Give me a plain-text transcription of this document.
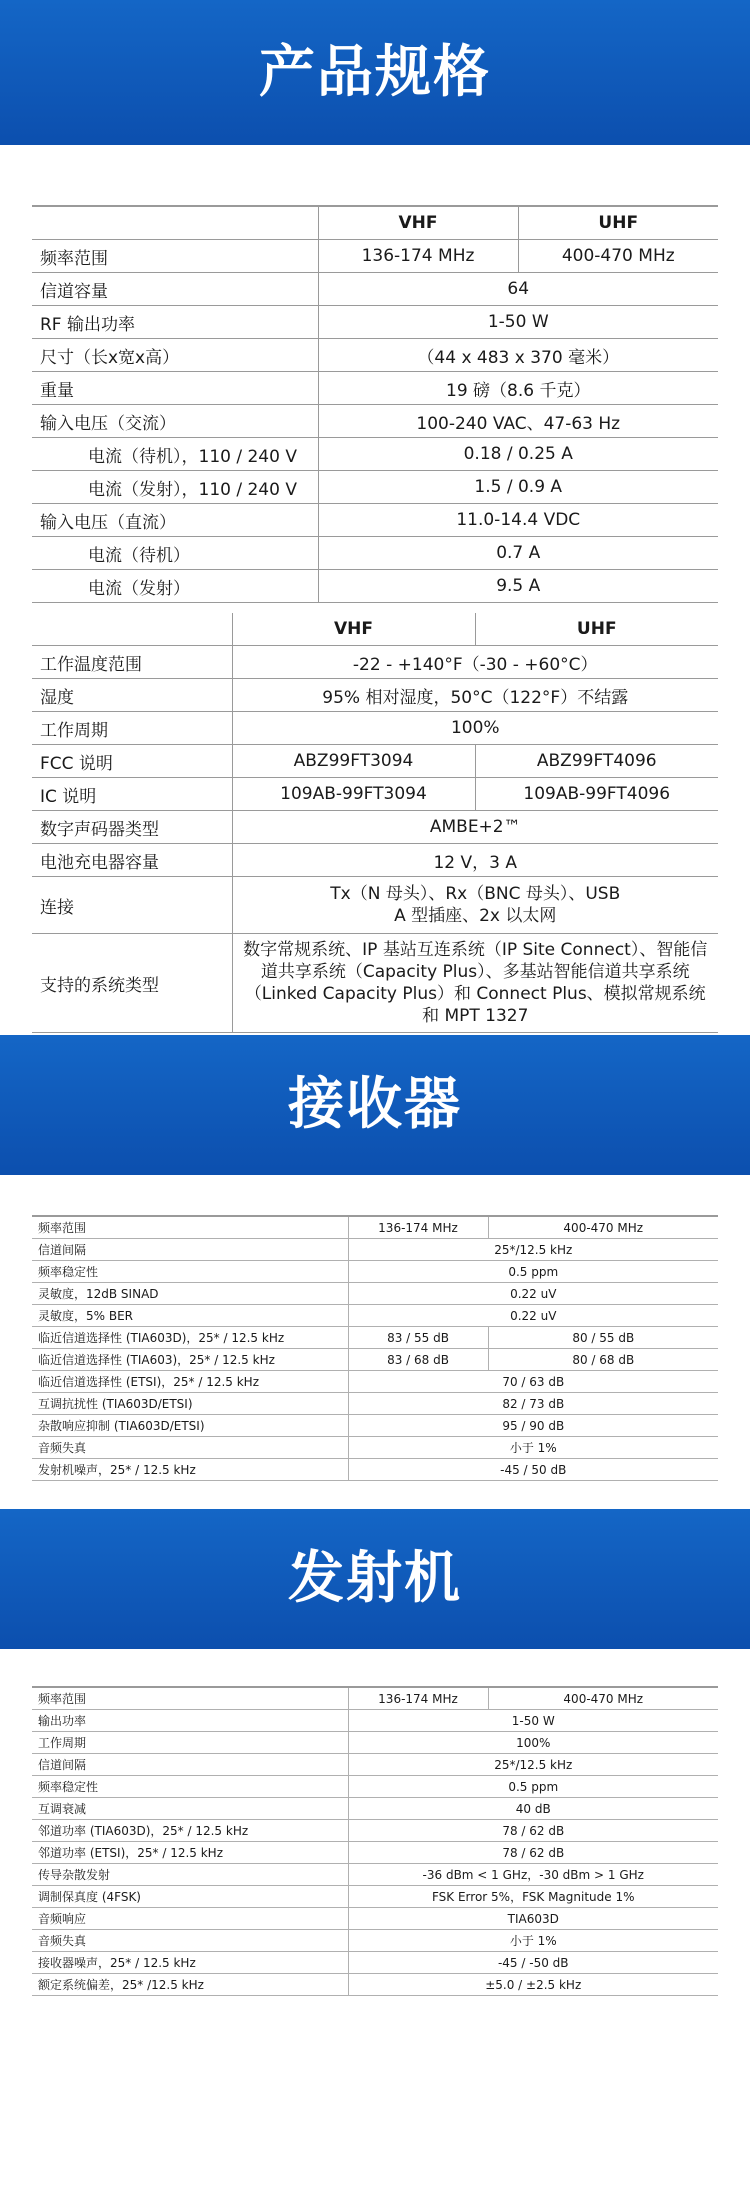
产品规格
	VHF	UHF
频率范围	136-174 MHz	400-470 MHz
信道容量	64	
RF 输出功率	1-50 W	
尺寸（长x宽x高）	（44 x 483 x 370 毫米）	
重量	19 磅（8.6 千克）	
输入电压（交流）	100-240 VAC、47-63 Hz	
电流（待机），110 / 240 V	0.18 / 0.25 A	
电流（发射），110 / 240 V	1.5 / 0.9 A	
输入电压（直流）	11.0-14.4 VDC	
电流（待机）	0.7 A	
电流（发射）	9.5 A	
	VHF	UHF
工作温度范围	-22 - +140°F（-30 - +60°C）	
湿度	95% 相对湿度，50°C（122°F）不结露	
工作周期	100%	
FCC 说明	ABZ99FT3094	ABZ99FT4096
IC 说明	109AB-99FT3094	109AB-99FT4096
数字声码器类型	AMBE+2™	
电池充电器容量	12 V，3 A	
连接	Tx（N 母头）、Rx（BNC 母头）、USB A 型插座、2x 以太网	
支持的系统类型	数字常规系统、IP 基站互连系统（IP Site Connect）、智能信道共享系统（Capacity Plus）、多基站智能信道共享系统（Linked Capacity Plus）和 Connect Plus、模拟常规系统和 MPT 1327	
接收器
频率范围	136-174 MHz	400-470 MHz
信道间隔	25*/12.5 kHz	
频率稳定性	0.5 ppm	
灵敏度，12dB SINAD	0.22 uV	
灵敏度，5% BER	0.22 uV	
临近信道选择性 (TIA603D)，25* / 12.5 kHz	83 / 55 dB	80 / 55 dB
临近信道选择性 (TIA603)，25* / 12.5 kHz	83 / 68 dB	80 / 68 dB
临近信道选择性 (ETSI)，25* / 12.5 kHz	70 / 63 dB	
互调抗扰性 (TIA603D/ETSI)	82 / 73 dB	
杂散响应抑制 (TIA603D/ETSI)	95 / 90 dB	
音频失真	小于 1%	
发射机噪声，25* / 12.5 kHz	-45 / 50 dB	
发射机
频率范围	136-174 MHz	400-470 MHz
输出功率	1-50 W	
工作周期	100%	
信道间隔	25*/12.5 kHz	
频率稳定性	0.5 ppm	
互调衰减	40 dB	
邻道功率 (TIA603D)，25* / 12.5 kHz	78 / 62 dB	
邻道功率 (ETSI)，25* / 12.5 kHz	78 / 62 dB	
传导杂散发射	-36 dBm < 1 GHz，-30 dBm > 1 GHz	
调制保真度 (4FSK)	FSK Error 5%，FSK Magnitude 1%	
音频响应	TIA603D	
音频失真	小于 1%	
接收器噪声，25* / 12.5 kHz	-45 / -50 dB	
额定系统偏差，25* /12.5 kHz	±5.0 / ±2.5 kHz	
